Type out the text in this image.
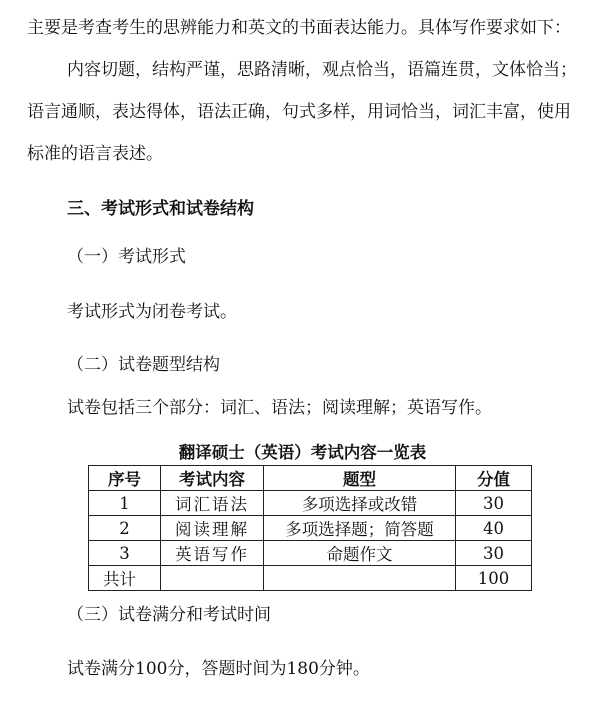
主要是考查考生的思辨能力和英文的书面表达能力。具体写作要求如下：
内容切题，结构严谨，思路清晰，观点恰当，语篇连贯，文体恰当；
语言通顺，表达得体，语法正确，句式多样，用词恰当，词汇丰富，使用
标准的语言表述。
三、考试形式和试卷结构
（一）考试形式
考试形式为闭卷考试。
（二）试卷题型结构
试卷包括三个部分：词汇、语法；阅读理解；英语写作。
翻译硕士（英语）考试内容一览表
序号	考试内容	题型	分值
1	词汇语法	多项选择或改错	30
2	阅读理解	多项选择题；简答题	40
3	英语写作	命题作文	30
共计			100
（三）试卷满分和考试时间
试卷满分100分，答题时间为180分钟。
